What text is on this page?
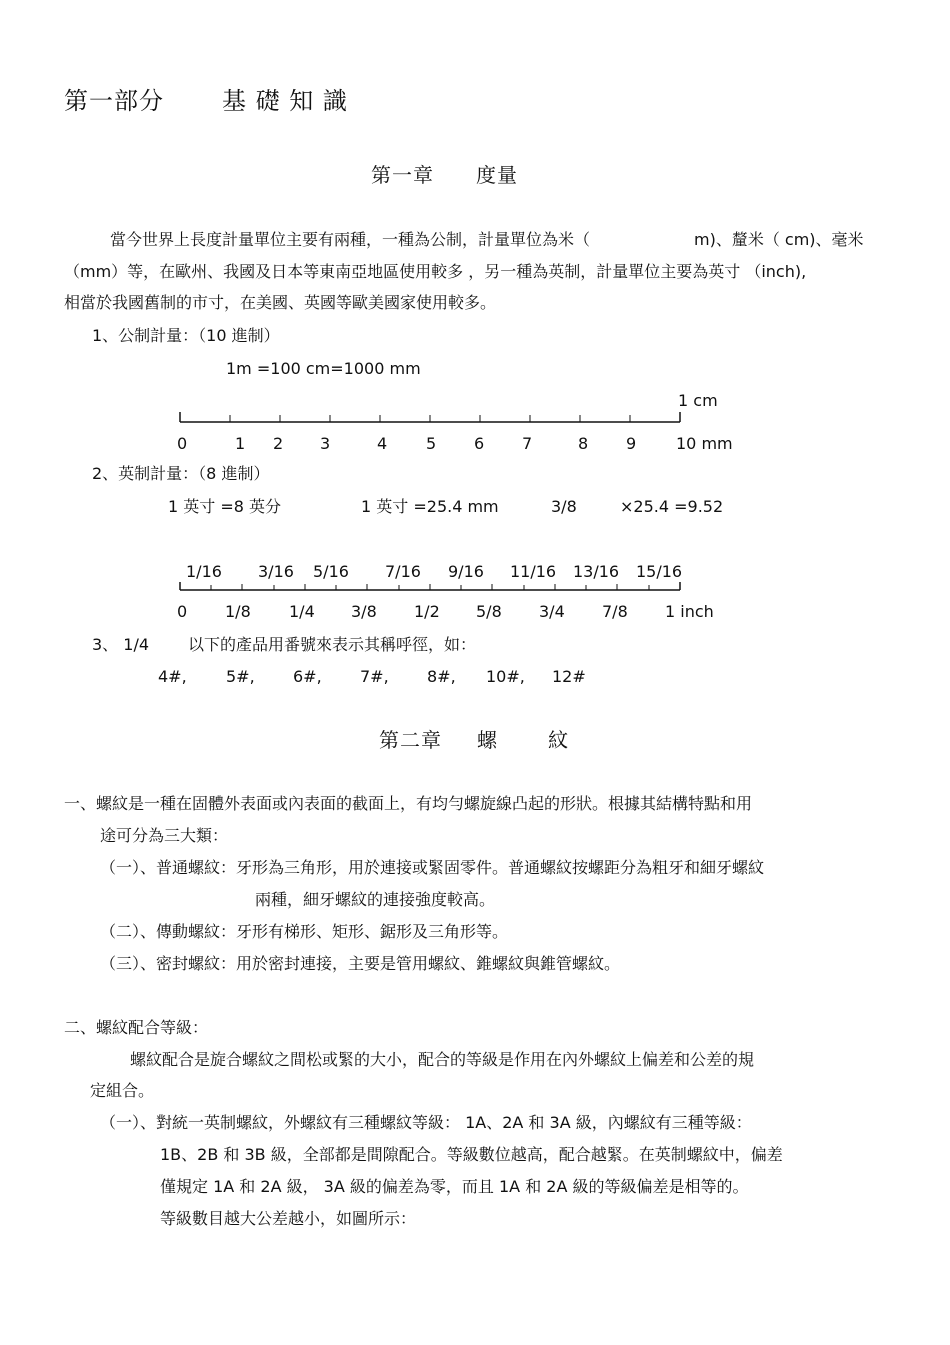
第一部分 基 礎 知 識
第一章 度量
當今世界上長度計量單位主要有兩種，一種為公制，計量單位為米（	m)、釐米（ cm)、毫米
（mm）等，在歐州、我國及日本等東南亞地區使用較多 ，另一種為英制，計量單位主要為英寸 （inch),
相當於我國舊制的市寸，在美國、英國等歐美國家使用較多。
1、公制計量：（10 進制）
1m =100 cm=1000 mm
1 cm
0	1 2 3	4 5 6 7	8 9 10 mm
2、英制計量：（8 進制）
1 英寸 =8 英分	1 英寸 =25.4 mm	3/8	×25.4 =9.52
1/16 3/16 5/16 7/16 9/16 11/16 13/16 15/16
0 1/8 1/4 3/8 1/2 5/8 3/4 7/8 1 inch
3、 1/4 以下的產品用番號來表示其稱呼徑，如：
4#, 5#, 6#, 7#, 8#, 10#, 12#
第二章 螺	紋
一、螺紋是一種在固體外表面或內表面的截面上，有均勻螺旋線凸起的形狀。根據其結構特點和用
途可分為三大類：
（一）、普通螺紋：牙形為三角形，用於連接或緊固零件。普通螺紋按螺距分為粗牙和細牙螺紋
兩種，細牙螺紋的連接強度較高。
（二）、傳動螺紋：牙形有梯形、矩形、鋸形及三角形等。
（三）、密封螺紋：用於密封連接，主要是管用螺紋、錐螺紋與錐管螺紋。
二、螺紋配合等級：
螺紋配合是旋合螺紋之間松或緊的大小，配合的等級是作用在內外螺紋上偏差和公差的規
定組合。
（一）、對統一英制螺紋，外螺紋有三種螺紋等級： 1A、2A 和 3A 級，內螺紋有三種等級：
1B、2B 和 3B 級，全部都是間隙配合。等級數位越高，配合越緊。在英制螺紋中，偏差
僅規定 1A 和 2A 級， 3A 級的偏差為零，而且 1A 和 2A 級的等級偏差是相等的。
等級數目越大公差越小，如圖所示：
